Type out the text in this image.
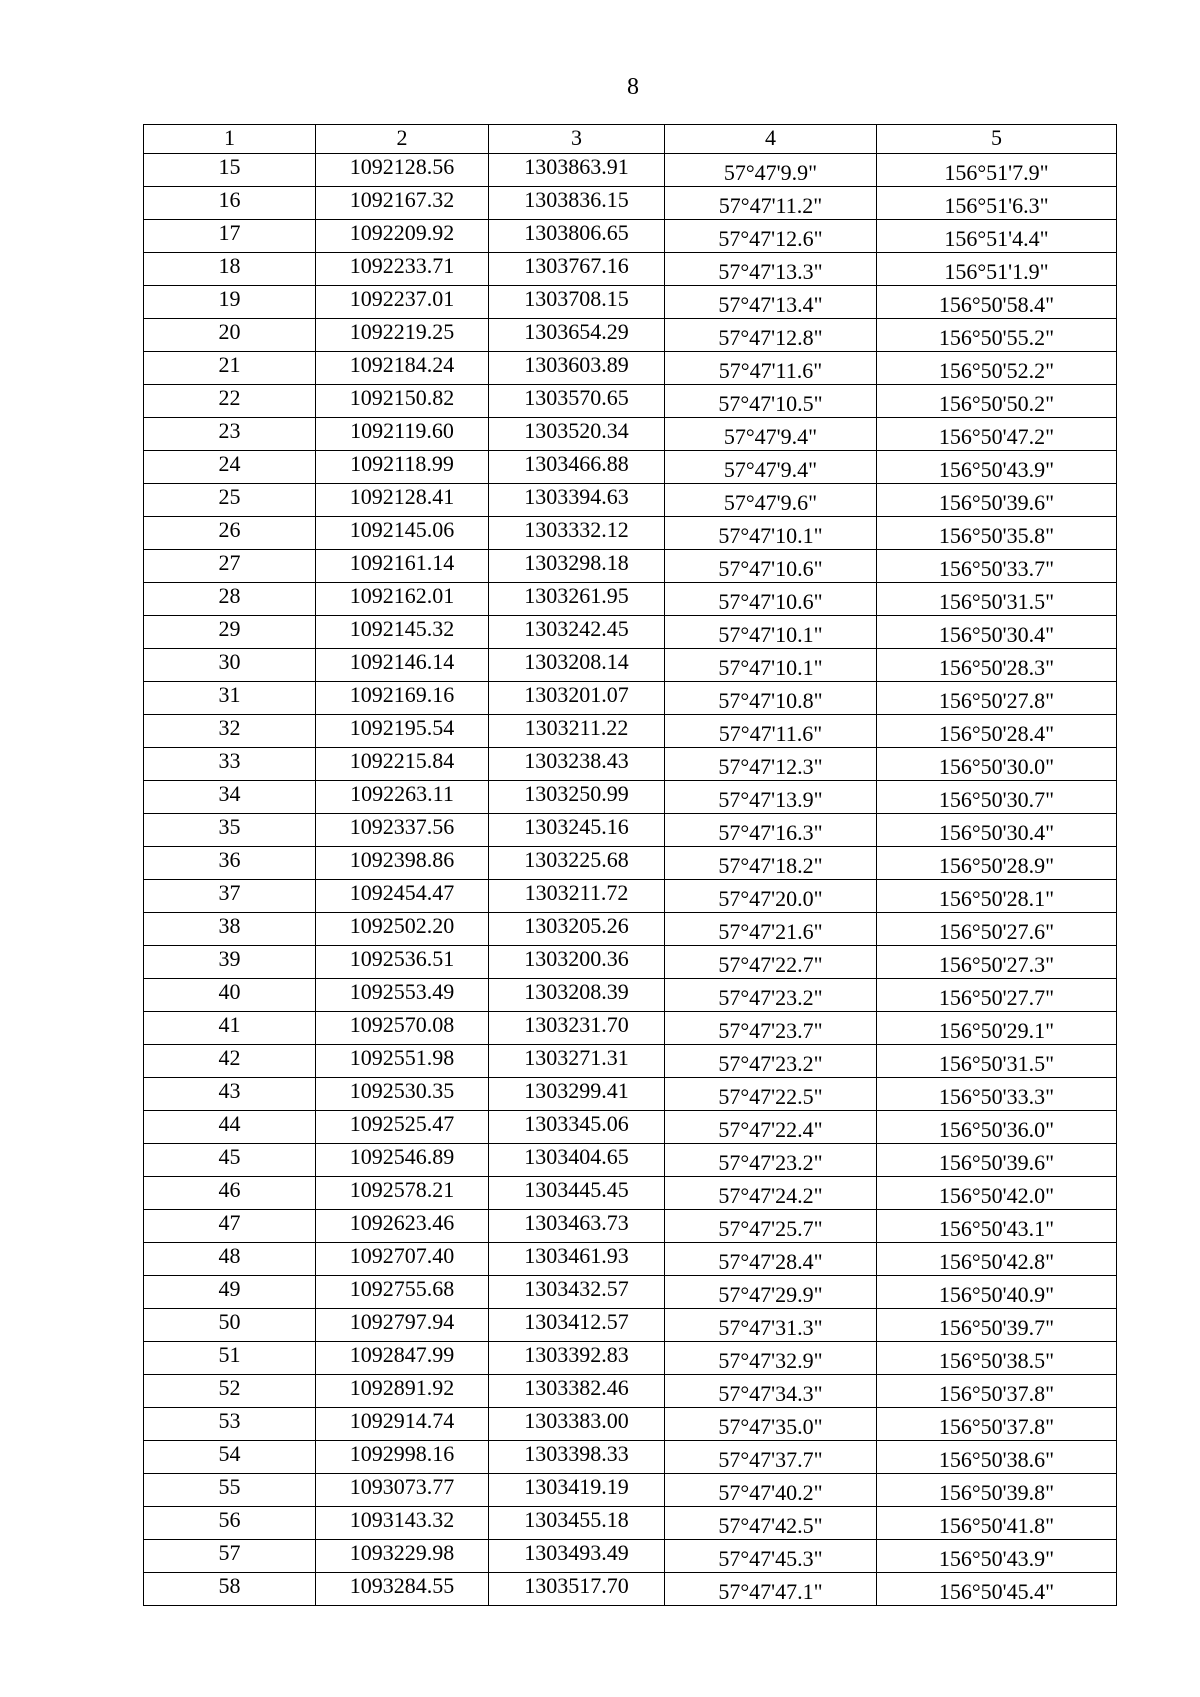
8
1	2	3	4	5
15	1092128.56	1303863.91	57°47'9.9"	156°51'7.9"
16	1092167.32	1303836.15	57°47'11.2"	156°51'6.3"
17	1092209.92	1303806.65	57°47'12.6"	156°51'4.4"
18	1092233.71	1303767.16	57°47'13.3"	156°51'1.9"
19	1092237.01	1303708.15	57°47'13.4"	156°50'58.4"
20	1092219.25	1303654.29	57°47'12.8"	156°50'55.2"
21	1092184.24	1303603.89	57°47'11.6"	156°50'52.2"
22	1092150.82	1303570.65	57°47'10.5"	156°50'50.2"
23	1092119.60	1303520.34	57°47'9.4"	156°50'47.2"
24	1092118.99	1303466.88	57°47'9.4"	156°50'43.9"
25	1092128.41	1303394.63	57°47'9.6"	156°50'39.6"
26	1092145.06	1303332.12	57°47'10.1"	156°50'35.8"
27	1092161.14	1303298.18	57°47'10.6"	156°50'33.7"
28	1092162.01	1303261.95	57°47'10.6"	156°50'31.5"
29	1092145.32	1303242.45	57°47'10.1"	156°50'30.4"
30	1092146.14	1303208.14	57°47'10.1"	156°50'28.3"
31	1092169.16	1303201.07	57°47'10.8"	156°50'27.8"
32	1092195.54	1303211.22	57°47'11.6"	156°50'28.4"
33	1092215.84	1303238.43	57°47'12.3"	156°50'30.0"
34	1092263.11	1303250.99	57°47'13.9"	156°50'30.7"
35	1092337.56	1303245.16	57°47'16.3"	156°50'30.4"
36	1092398.86	1303225.68	57°47'18.2"	156°50'28.9"
37	1092454.47	1303211.72	57°47'20.0"	156°50'28.1"
38	1092502.20	1303205.26	57°47'21.6"	156°50'27.6"
39	1092536.51	1303200.36	57°47'22.7"	156°50'27.3"
40	1092553.49	1303208.39	57°47'23.2"	156°50'27.7"
41	1092570.08	1303231.70	57°47'23.7"	156°50'29.1"
42	1092551.98	1303271.31	57°47'23.2"	156°50'31.5"
43	1092530.35	1303299.41	57°47'22.5"	156°50'33.3"
44	1092525.47	1303345.06	57°47'22.4"	156°50'36.0"
45	1092546.89	1303404.65	57°47'23.2"	156°50'39.6"
46	1092578.21	1303445.45	57°47'24.2"	156°50'42.0"
47	1092623.46	1303463.73	57°47'25.7"	156°50'43.1"
48	1092707.40	1303461.93	57°47'28.4"	156°50'42.8"
49	1092755.68	1303432.57	57°47'29.9"	156°50'40.9"
50	1092797.94	1303412.57	57°47'31.3"	156°50'39.7"
51	1092847.99	1303392.83	57°47'32.9"	156°50'38.5"
52	1092891.92	1303382.46	57°47'34.3"	156°50'37.8"
53	1092914.74	1303383.00	57°47'35.0"	156°50'37.8"
54	1092998.16	1303398.33	57°47'37.7"	156°50'38.6"
55	1093073.77	1303419.19	57°47'40.2"	156°50'39.8"
56	1093143.32	1303455.18	57°47'42.5"	156°50'41.8"
57	1093229.98	1303493.49	57°47'45.3"	156°50'43.9"
58	1093284.55	1303517.70	57°47'47.1"	156°50'45.4"
